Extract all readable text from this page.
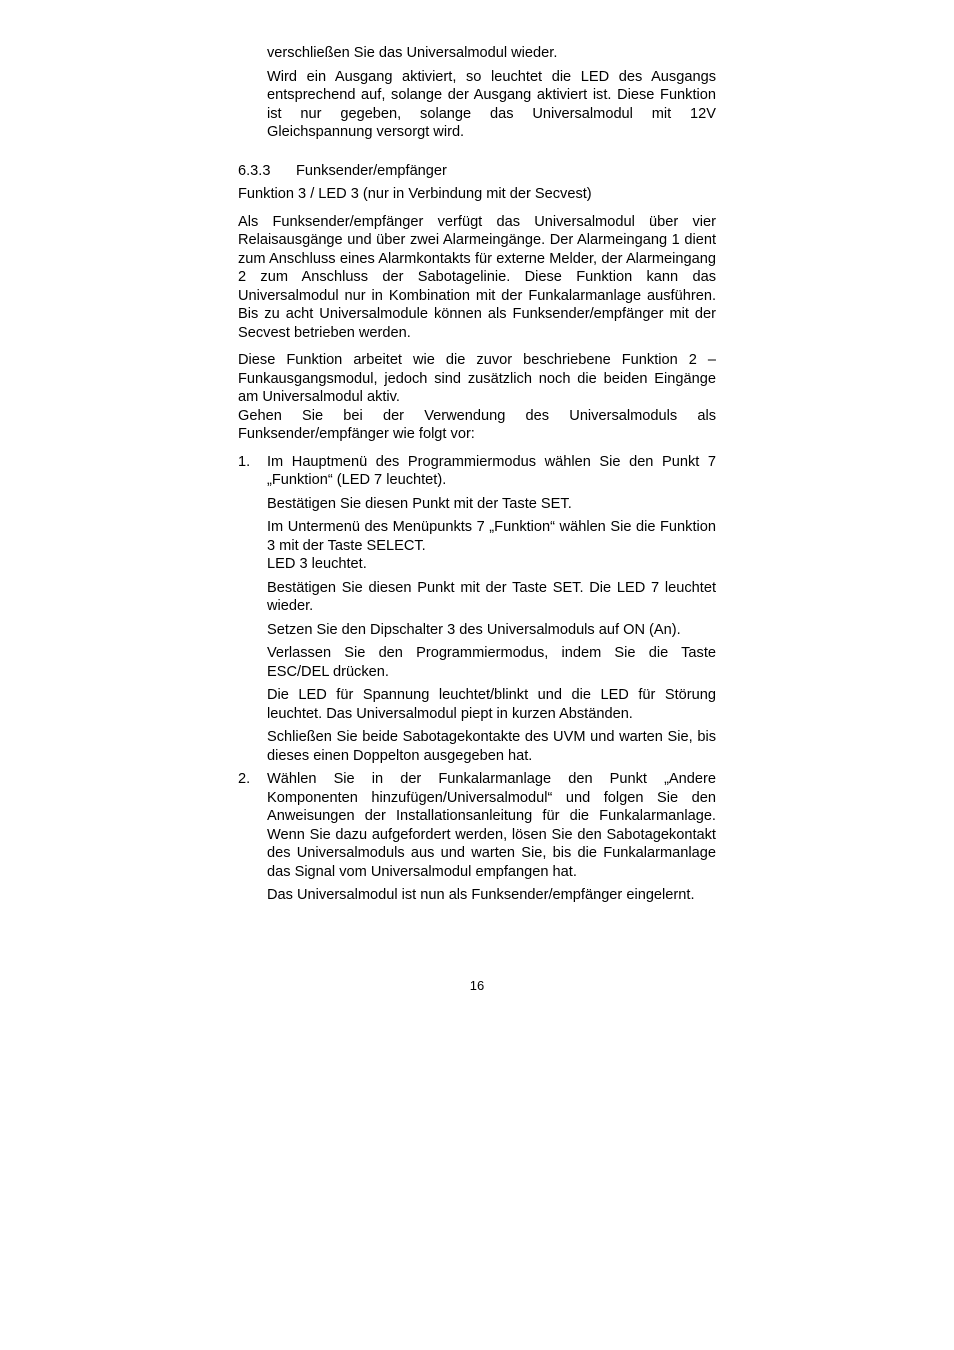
verschließen Sie das Universalmodul wieder.

Wird ein Ausgang aktiviert, so leuchtet die LED des Ausgangs entsprechend auf, solange der Ausgang aktiviert ist. Diese Funktion ist nur gegeben, solange das Universalmodul mit 12V Gleichspannung versorgt wird.

6.3.3	Funksender/empfänger

Funktion 3 / LED 3 (nur in Verbindung mit der Secvest)

Als Funksender/empfänger verfügt das Universalmodul über vier Relaisausgänge und über zwei Alarmeingänge. Der Alarmeingang 1 dient zum Anschluss eines Alarmkontakts für externe Melder, der Alarmeingang 2 zum Anschluss der Sabotagelinie. Diese Funktion kann das Universalmodul nur in Kombination mit der Funkalarmanlage ausführen. Bis zu acht Universalmodule können als Funksender/empfänger mit der Secvest betrieben werden.

Diese Funktion arbeitet wie die zuvor beschriebene Funktion 2 – Funkausgangsmodul, jedoch sind zusätzlich noch die beiden Eingänge am Universalmodul aktiv.

Gehen Sie bei der Verwendung des Universalmoduls als Funksender/empfänger wie folgt vor:

1.	Im Hauptmenü des Programmiermodus wählen Sie den Punkt 7 „Funktion“ (LED 7 leuchtet).

Bestätigen Sie diesen Punkt mit der Taste SET.

Im Untermenü des Menüpunkts 7 „Funktion“ wählen Sie die Funktion 3 mit der Taste SELECT.

LED 3 leuchtet.

Bestätigen Sie diesen Punkt mit der Taste SET. Die LED 7 leuchtet wieder.

Setzen Sie den Dipschalter 3 des Universalmoduls auf ON (An).

Verlassen Sie den Programmiermodus, indem Sie die Taste ESC/DEL drücken.

Die LED für Spannung leuchtet/blinkt und die LED für Störung leuchtet. Das Universalmodul piept in kurzen Abständen.

Schließen Sie beide Sabotagekontakte des UVM und warten Sie, bis dieses einen Doppelton ausgegeben hat.

2.	Wählen Sie in der Funkalarmanlage den Punkt „Andere Komponenten hinzufügen/Universalmodul“ und folgen Sie den Anweisungen der Installationsanleitung für die Funkalarmanlage. Wenn Sie dazu aufgefordert werden, lösen Sie den Sabotagekontakt des Universalmoduls aus und warten Sie, bis die Funkalarmanlage das Signal vom Universalmodul empfangen hat.

Das Universalmodul ist nun als Funksender/empfänger eingelernt.

16
